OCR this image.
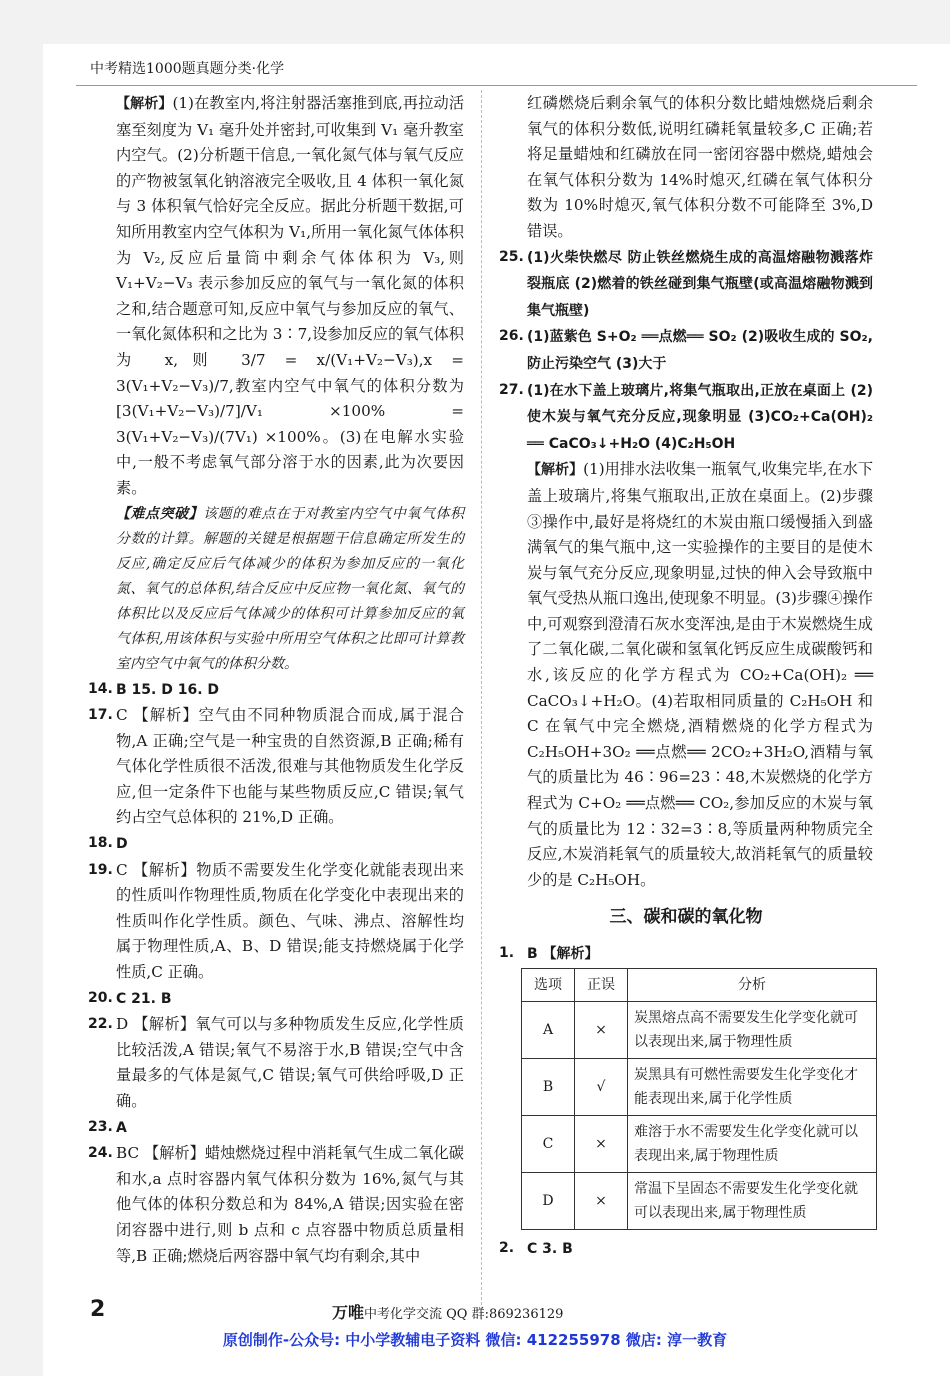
中考精选1000题真题分类·化学

【解析】(1)在教室内,将注射器活塞推到底,再拉动活塞至刻度为 V₁ 毫升处并密封,可收集到 V₁ 毫升教室内空气。(2)分析题干信息,一氧化氮气体与氧气反应的产物被氢氧化钠溶液完全吸收,且 4 体积一氧化氮与 3 体积氧气恰好完全反应。据此分析题干数据,可知所用教室内空气体积为 V₁,所用一氧化氮气体体积为 V₂,反应后量筒中剩余气体体积为 V₃,则 V₁+V₂−V₃ 表示参加反应的氧气与一氧化氮的体积之和,结合题意可知,反应中氧气与参加反应的氧气、一氧化氮体积和之比为 3∶7,设参加反应的氧气体积为 x,则 3/7 = x/(V₁+V₂−V₃),x = 3(V₁+V₂−V₃)/7,教室内空气中氧气的体积分数为 [3(V₁+V₂−V₃)/7]/V₁ ×100% = 3(V₁+V₂−V₃)/(7V₁) ×100%。(3)在电解水实验中,一般不考虑氧气部分溶于水的因素,此为次要因素。

【难点突破】该题的难点在于对教室内空气中氧气体积分数的计算。解题的关键是根据题干信息确定所发生的反应,确定反应后气体减少的体积为参加反应的一氧化氮、氧气的总体积,结合反应中反应物一氧化氮、氧气的体积比以及反应后气体减少的体积可计算参加反应的氧气体积,用该体积与实验中所用空气体积之比即可计算教室内空气中氧气的体积分数。

14. B 15. D 16. D

17. C 【解析】空气由不同种物质混合而成,属于混合物,A 正确;空气是一种宝贵的自然资源,B 正确;稀有气体化学性质很不活泼,很难与其他物质发生化学反应,但一定条件下也能与某些物质反应,C 错误;氧气约占空气总体积的 21%,D 正确。

18. D

19. C 【解析】物质不需要发生化学变化就能表现出来的性质叫作物理性质,物质在化学变化中表现出来的性质叫作化学性质。颜色、气味、沸点、溶解性均属于物理性质,A、B、D 错误;能支持燃烧属于化学性质,C 正确。

20. C 21. B

22. D 【解析】氧气可以与多种物质发生反应,化学性质比较活泼,A 错误;氧气不易溶于水,B 错误;空气中含量最多的气体是氮气,C 错误;氧气可供给呼吸,D 正确。

23. A

24. BC 【解析】蜡烛燃烧过程中消耗氧气生成二氧化碳和水,a 点时容器内氧气体积分数为 16%,氮气与其他气体的体积分数总和为 84%,A 错误;因实验在密闭容器中进行,则 b 点和 c 点容器中物质总质量相等,B 正确;燃烧后两容器中氧气均有剩余,其中

红磷燃烧后剩余氧气的体积分数比蜡烛燃烧后剩余氧气的体积分数低,说明红磷耗氧量较多,C 正确;若将足量蜡烛和红磷放在同一密闭容器中燃烧,蜡烛会在氧气体积分数为 14%时熄灭,红磷在氧气体积分数为 10%时熄灭,氧气体积分数不可能降至 3%,D 错误。

25. (1)火柴快燃尽 防止铁丝燃烧生成的高温熔融物溅落炸裂瓶底 (2)燃着的铁丝碰到集气瓶壁(或高温熔融物溅到集气瓶壁)

26. (1)蓝紫色 S+O₂ ══点燃══ SO₂ (2)吸收生成的 SO₂,防止污染空气 (3)大于

27. (1)在水下盖上玻璃片,将集气瓶取出,正放在桌面上 (2)使木炭与氧气充分反应,现象明显 (3)CO₂+Ca(OH)₂ ══ CaCO₃↓+H₂O (4)C₂H₅OH

【解析】(1)用排水法收集一瓶氧气,收集完毕,在水下盖上玻璃片,将集气瓶取出,正放在桌面上。(2)步骤③操作中,最好是将烧红的木炭由瓶口缓慢插入到盛满氧气的集气瓶中,这一实验操作的主要目的是使木炭与氧气充分反应,现象明显,过快的伸入会导致瓶中氧气受热从瓶口逸出,使现象不明显。(3)步骤④操作中,可观察到澄清石灰水变浑浊,是由于木炭燃烧生成了二氧化碳,二氧化碳和氢氧化钙反应生成碳酸钙和水,该反应的化学方程式为 CO₂+Ca(OH)₂ ══ CaCO₃↓+H₂O。(4)若取相同质量的 C₂H₅OH 和 C 在氧气中完全燃烧,酒精燃烧的化学方程式为 C₂H₅OH+3O₂ ══点燃══ 2CO₂+3H₂O,酒精与氧气的质量比为 46∶96=23∶48,木炭燃烧的化学方程式为 C+O₂ ══点燃══ CO₂,参加反应的木炭与氧气的质量比为 12∶32=3∶8,等质量两种物质完全反应,木炭消耗氧气的质量较大,故消耗氧气的质量较少的是 C₂H₅OH。

三、碳和碳的氧化物

1. B 【解析】

选项	正误	分析
A	×	炭黑熔点高不需要发生化学变化就可以表现出来,属于物理性质
B	√	炭黑具有可燃性需要发生化学变化才能表现出来,属于化学性质
C	×	难溶于水不需要发生化学变化就可以表现出来,属于物理性质
D	×	常温下呈固态不需要发生化学变化就可以表现出来,属于物理性质

2. C 3. B

2	万唯中考化学交流 QQ 群:869236129
原创制作-公众号: 中小学教辅电子资料 微信: 412255978 微店: 淳一教育
